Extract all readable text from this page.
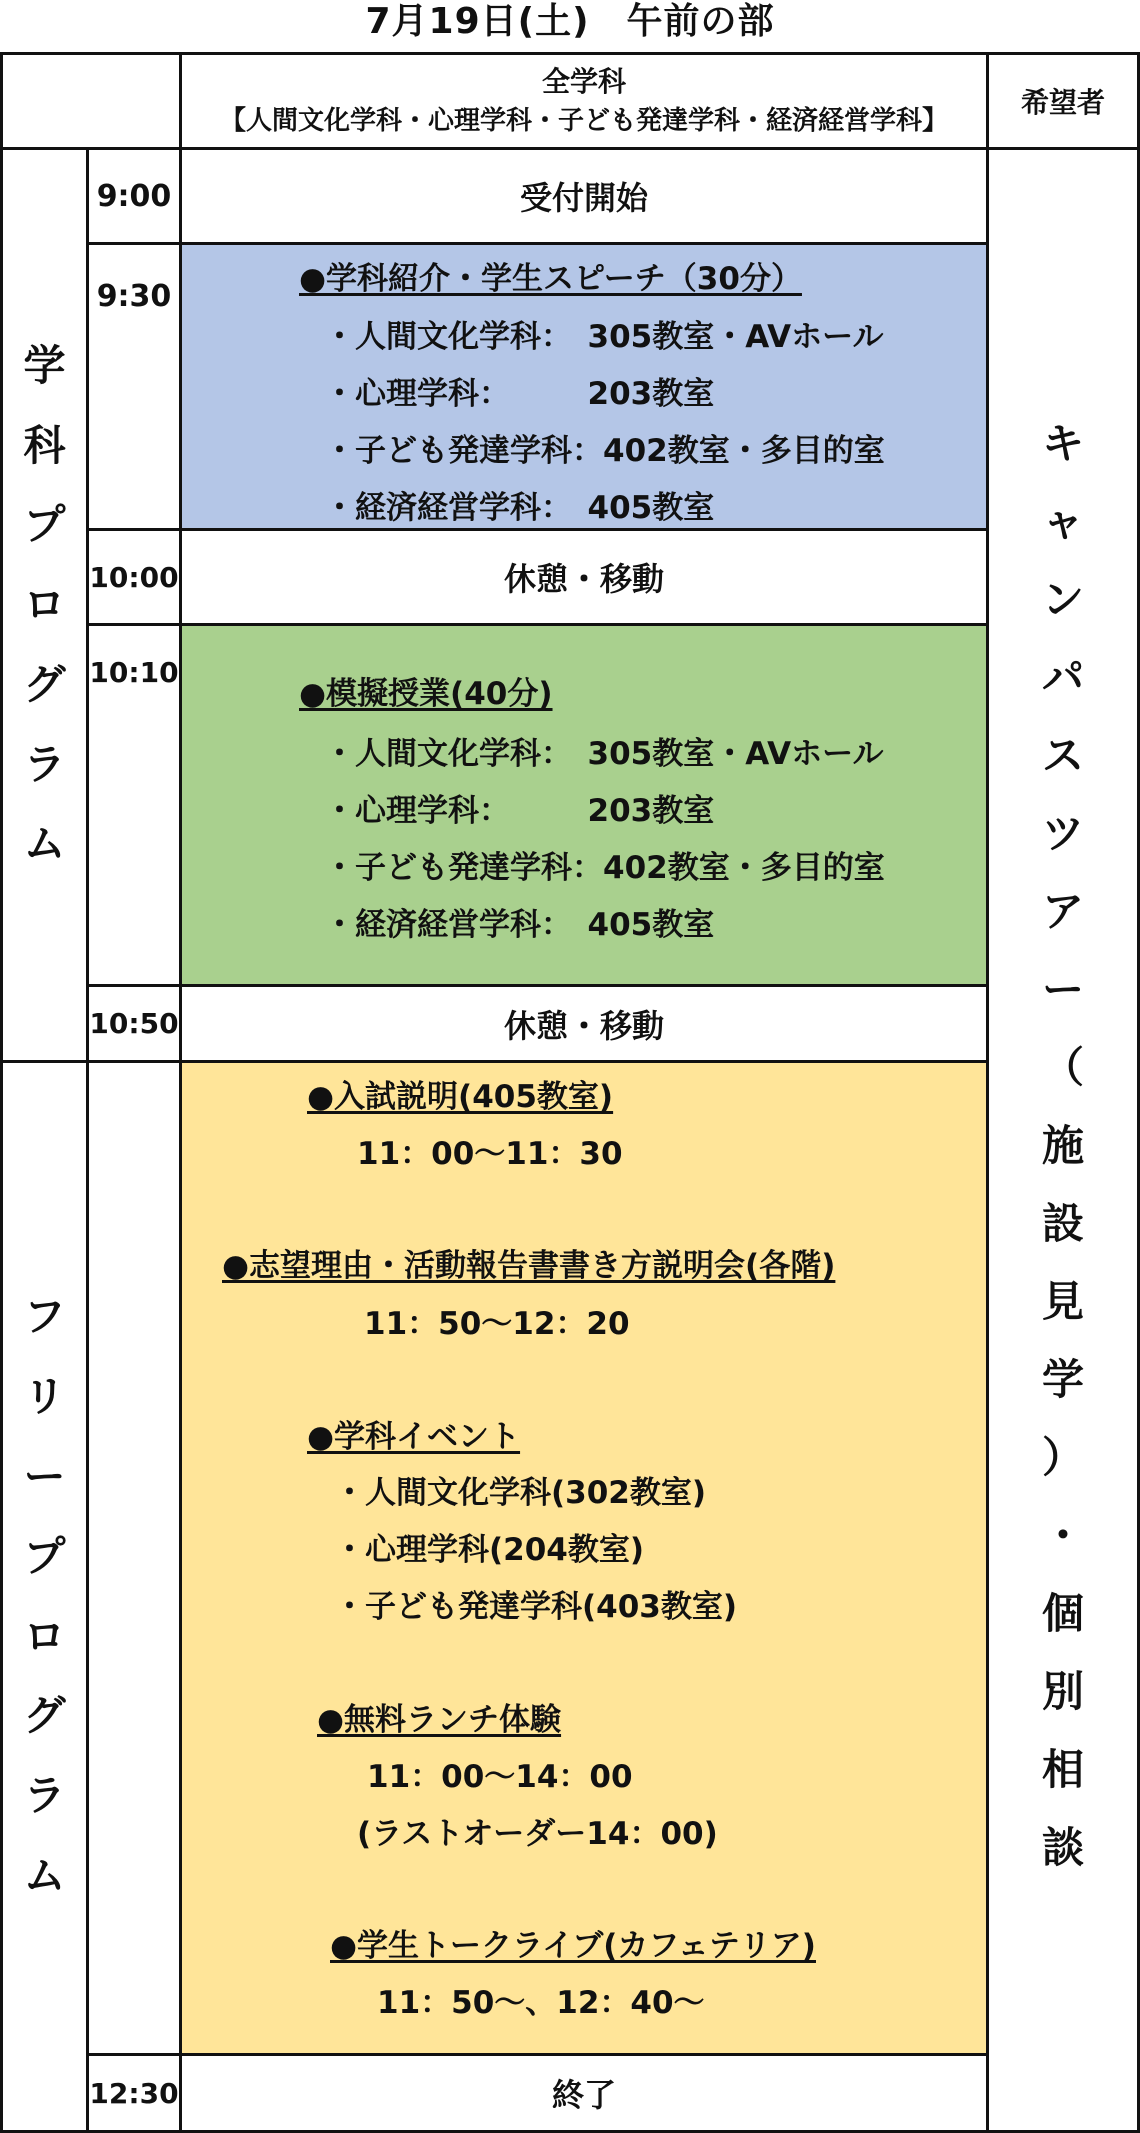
7月19日(土)　午前の部
全学科
【人間文化学科・心理学科・子ども発達学科・経済経営学科】
希望者
学
科
プ
ロ
グ
ラ
ム
フ
リ
ー
プ
ロ
グ
ラ
ム
9:00
9:30
10:00
10:10
10:50
12:30
受付開始
●学科紹介・学生スピーチ（30分）
・人間文化学科：　305教室・AVホール
・心理学科：　　　203教室
・子ども発達学科：402教室・多目的室
・経済経営学科：　405教室
休憩・移動
●模擬授業(40分)
・人間文化学科：　305教室・AVホール
・心理学科：　　　203教室
・子ども発達学科：402教室・多目的室
・経済経営学科：　405教室
休憩・移動
●入試説明(405教室)
11：00～11：30
●志望理由・活動報告書書き方説明会(各階)
11：50～12：20
●学科イベント
・人間文化学科(302教室)
・心理学科(204教室)
・子ども発達学科(403教室)
●無料ランチ体験
11：00～14：00
(ラストオーダー14：00)
●学生トークライブ(カフェテリア)
11：50～、12：40～
終了
キ
ャ
ン
パ
ス
ツ
ア
ー
（
施
設
見
学
）
・
個
別
相
談
